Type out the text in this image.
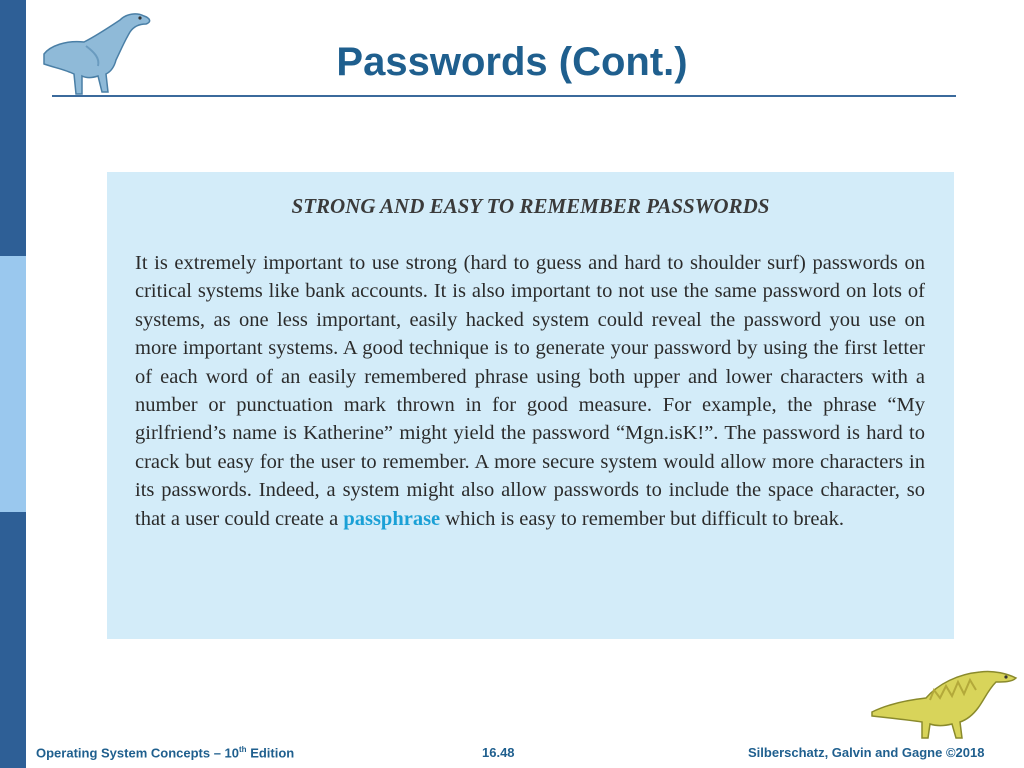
Passwords (Cont.)
STRONG AND EASY TO REMEMBER PASSWORDS

It is extremely important to use strong (hard to guess and hard to shoulder surf) passwords on critical systems like bank accounts. It is also important to not use the same password on lots of systems, as one less important, easily hacked system could reveal the password you use on more important systems. A good technique is to generate your password by using the first letter of each word of an easily remembered phrase using both upper and lower characters with a number or punctuation mark thrown in for good measure. For example, the phrase “My girlfriend’s name is Katherine” might yield the password “Mgn.isK!”. The password is hard to crack but easy for the user to remember. A more secure system would allow more characters in its passwords. Indeed, a system might also allow passwords to include the space character, so that a user could create a passphrase which is easy to remember but difficult to break.

Operating System Concepts – 10th Edition	16.48	Silberschatz, Galvin and Gagne ©2018
